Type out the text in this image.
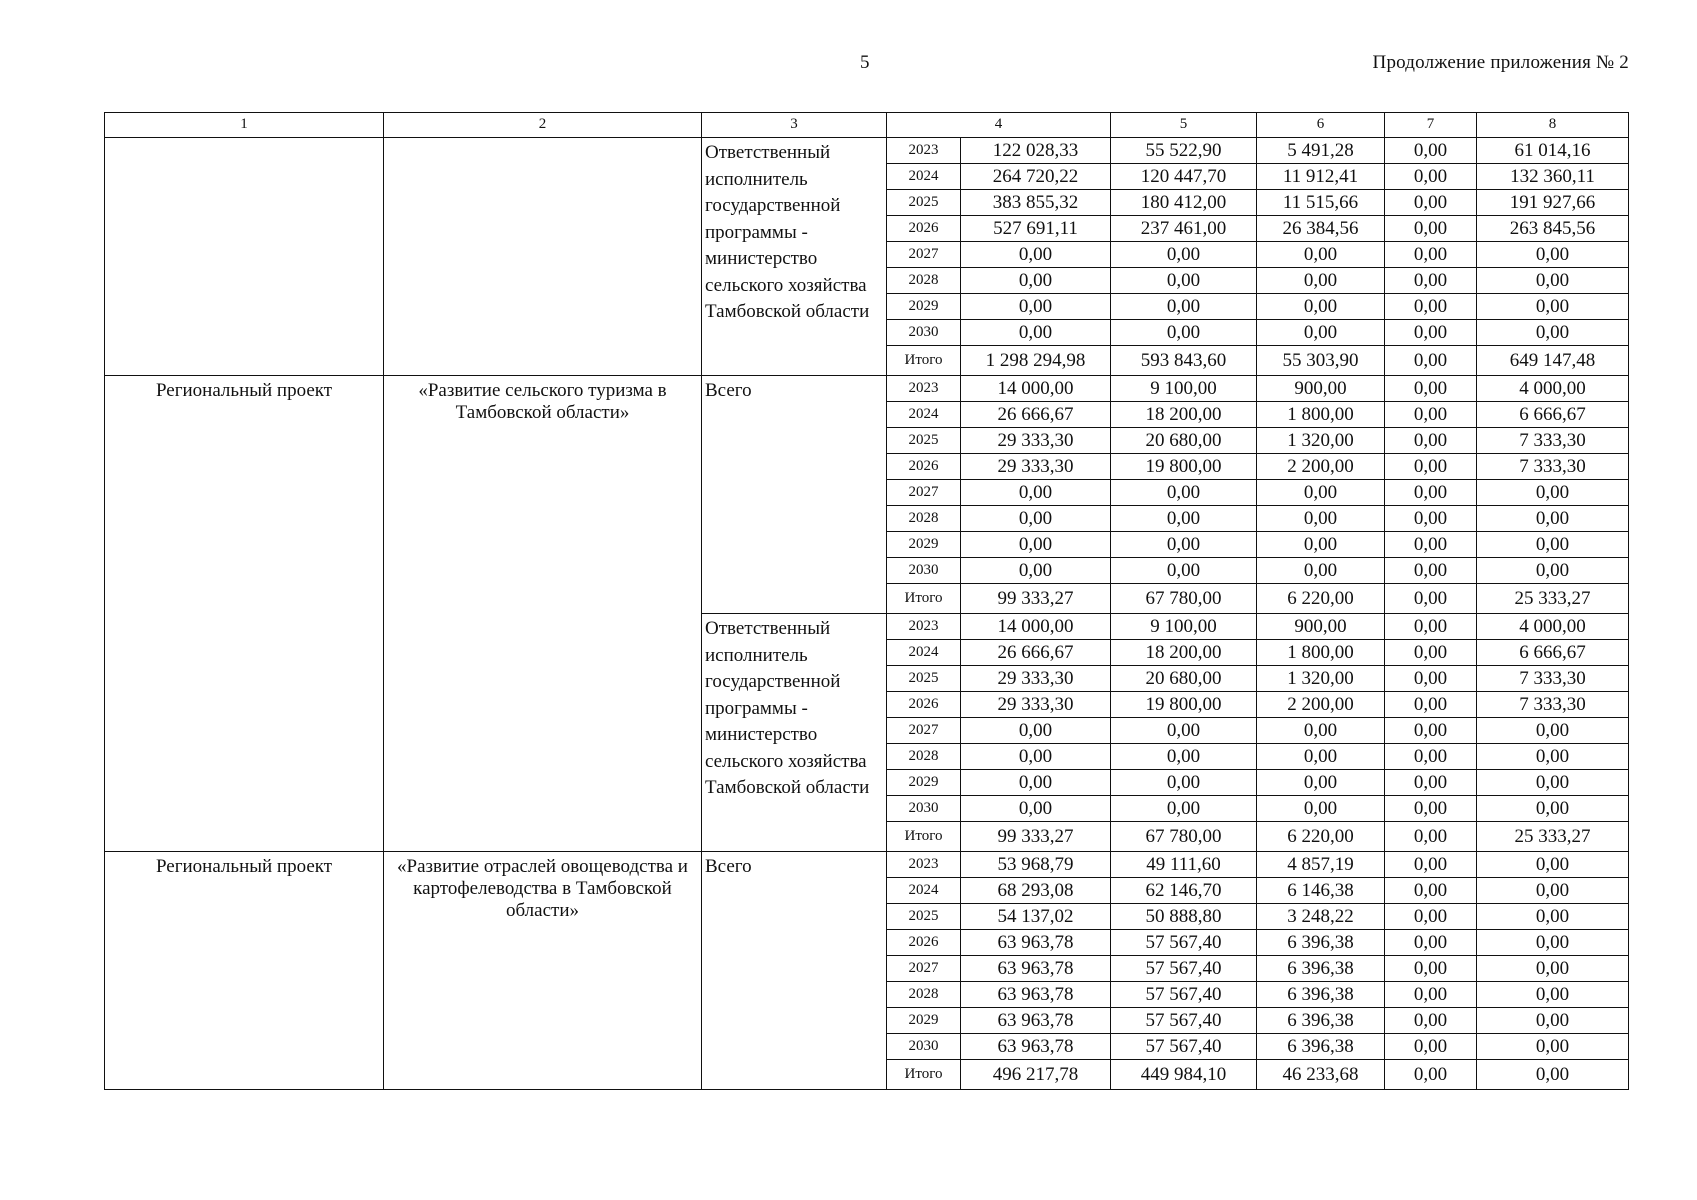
5	Продолжение приложения № 2
1	2	3	4		5	6	7	8
		Ответственный исполнитель государственной программы - министерство сельского хозяйства Тамбовской области	2023	122 028,33	55 522,90	5 491,28	0,00	61 014,16
			2024	264 720,22	120 447,70	11 912,41	0,00	132 360,11
			2025	383 855,32	180 412,00	11 515,66	0,00	191 927,66
			2026	527 691,11	237 461,00	26 384,56	0,00	263 845,56
			2027	0,00	0,00	0,00	0,00	0,00
			2028	0,00	0,00	0,00	0,00	0,00
			2029	0,00	0,00	0,00	0,00	0,00
			2030	0,00	0,00	0,00	0,00	0,00
			Итого	1 298 294,98	593 843,60	55 303,90	0,00	649 147,48
Региональный проект	«Развитие сельского туризма в Тамбовской области»	Всего	2023	14 000,00	9 100,00	900,00	0,00	4 000,00
			2024	26 666,67	18 200,00	1 800,00	0,00	6 666,67
			2025	29 333,30	20 680,00	1 320,00	0,00	7 333,30
			2026	29 333,30	19 800,00	2 200,00	0,00	7 333,30
			2027	0,00	0,00	0,00	0,00	0,00
			2028	0,00	0,00	0,00	0,00	0,00
			2029	0,00	0,00	0,00	0,00	0,00
			2030	0,00	0,00	0,00	0,00	0,00
			Итого	99 333,27	67 780,00	6 220,00	0,00	25 333,27
		Ответственный исполнитель государственной программы - министерство сельского хозяйства Тамбовской области	2023	14 000,00	9 100,00	900,00	0,00	4 000,00
			2024	26 666,67	18 200,00	1 800,00	0,00	6 666,67
			2025	29 333,30	20 680,00	1 320,00	0,00	7 333,30
			2026	29 333,30	19 800,00	2 200,00	0,00	7 333,30
			2027	0,00	0,00	0,00	0,00	0,00
			2028	0,00	0,00	0,00	0,00	0,00
			2029	0,00	0,00	0,00	0,00	0,00
			2030	0,00	0,00	0,00	0,00	0,00
			Итого	99 333,27	67 780,00	6 220,00	0,00	25 333,27
Региональный проект	«Развитие отраслей овощеводства и картофелеводства в Тамбовской области»	Всего	2023	53 968,79	49 111,60	4 857,19	0,00	0,00
			2024	68 293,08	62 146,70	6 146,38	0,00	0,00
			2025	54 137,02	50 888,80	3 248,22	0,00	0,00
			2026	63 963,78	57 567,40	6 396,38	0,00	0,00
			2027	63 963,78	57 567,40	6 396,38	0,00	0,00
			2028	63 963,78	57 567,40	6 396,38	0,00	0,00
			2029	63 963,78	57 567,40	6 396,38	0,00	0,00
			2030	63 963,78	57 567,40	6 396,38	0,00	0,00
			Итого	496 217,78	449 984,10	46 233,68	0,00	0,00
